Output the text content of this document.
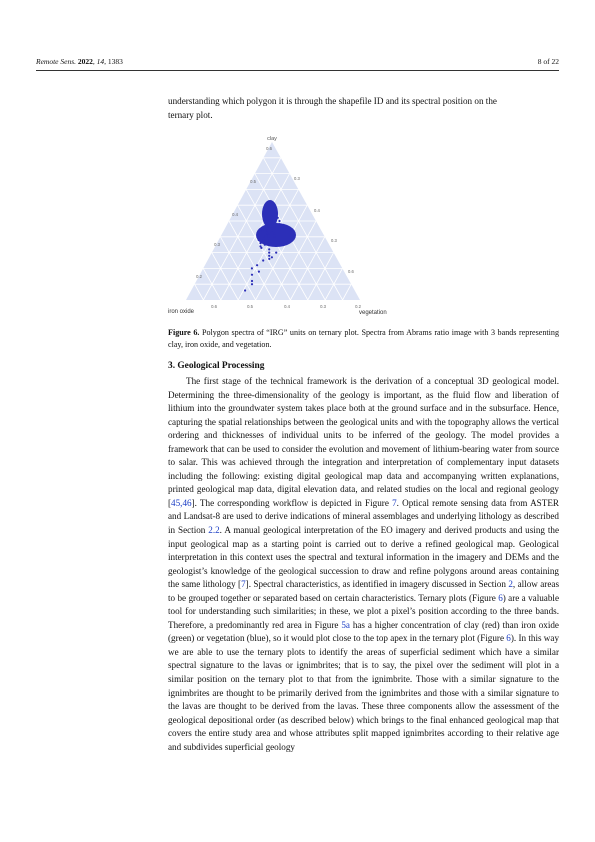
Remote Sens. 2022, 14, 1383	8 of 22
understanding which polygon it is through the shapefile ID and its spectral position on the
ternary plot.
clay
iron oxide	vegetation
0.6
0.5
0.4
0.3
0.2
0.3
0.4
0.3
0.6
0.6	0.5	0.4	0.3	0.2
Figure 6. Polygon spectra of “IRG” units on ternary plot. Spectra from Abrams ratio image with 3 bands representing clay, iron oxide, and vegetation.
3. Geological Processing
The first stage of the technical framework is the derivation of a conceptual 3D geological model. Determining the three-dimensionality of the geology is important, as the fluid flow and liberation of lithium into the groundwater system takes place both at the ground surface and in the subsurface. Hence, capturing the spatial relationships between the geological units and with the topography allows the vertical ordering and thicknesses of individual units to be inferred of the geology. The model provides a framework that can be used to consider the evolution and movement of lithium-bearing water from source to salar. This was achieved through the integration and interpretation of complementary input datasets including the following: existing digital geological map data and accompanying written explanations, printed geological map data, digital elevation data, and related studies on the local and regional geology [45,46]. The corresponding workflow is depicted in Figure 7. Optical remote sensing data from ASTER and Landsat-8 are used to derive indications of mineral assemblages and underlying lithology as described in Section 2.2. A manual geological interpretation of the EO imagery and derived products and using the input geological map as a starting point is carried out to derive a refined geological map. Geological interpretation in this context uses the spectral and textural information in the imagery and DEMs and the geologist’s knowledge of the geological succession to draw and refine polygons around areas containing the same lithology [7]. Spectral characteristics, as identified in imagery discussed in Section 2, allow areas to be grouped together or separated based on certain characteristics. Ternary plots (Figure 6) are a valuable tool for understanding such similarities; in these, we plot a pixel’s position according to the three bands. Therefore, a predominantly red area in Figure 5a has a higher concentration of clay (red) than iron oxide (green) or vegetation (blue), so it would plot close to the top apex in the ternary plot (Figure 6). In this way we are able to use the ternary plots to identify the areas of superficial sediment which have a similar spectral signature to the lavas or ignimbrites; that is to say, the pixel over the sediment will plot in a similar position on the ternary plot to that from the ignimbrite. Those with a similar signature to the ignimbrites are thought to be primarily derived from the ignimbrites and those with a similar signature to the lavas are thought to be derived from the lavas. These three components allow the assessment of the geological depositional order (as described below) which brings to the final enhanced geological map that covers the entire study area and whose attributes split mapped ignimbrites according to their relative age and subdivides superficial geology
